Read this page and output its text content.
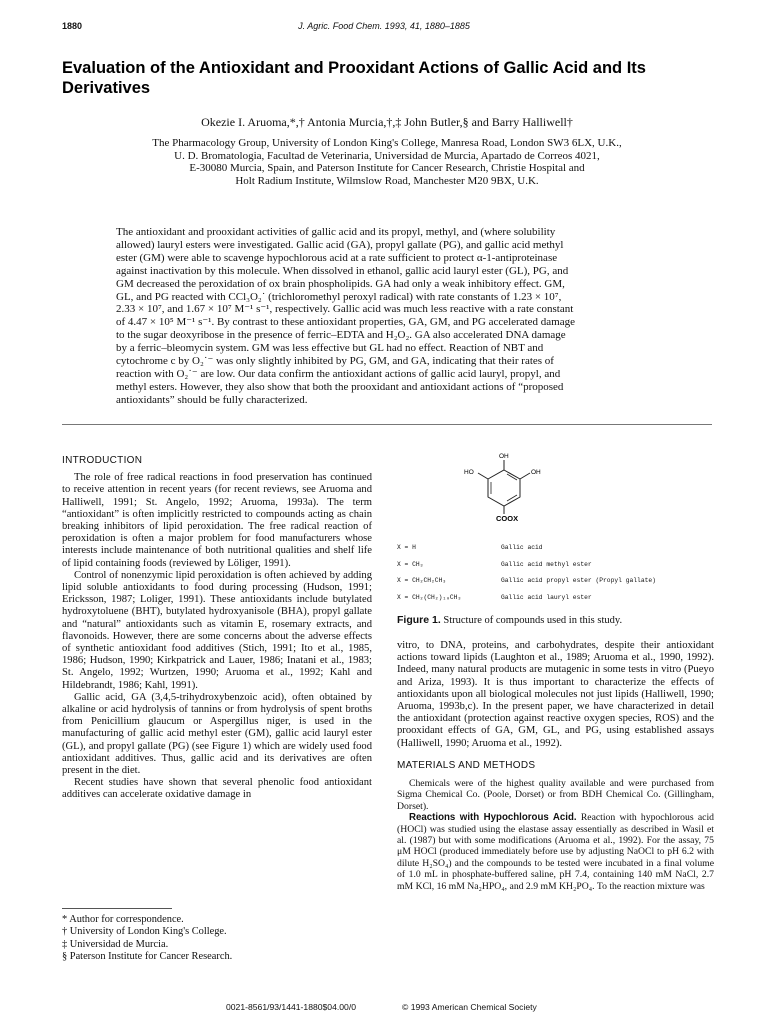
1880	J. Agric. Food Chem. 1993, 41, 1880–1885
Evaluation of the Antioxidant and Prooxidant Actions of Gallic Acid and Its Derivatives
Okezie I. Aruoma,*,† Antonia Murcia,†,‡ John Butler,§ and Barry Halliwell†
The Pharmacology Group, University of London King's College, Manresa Road, London SW3 6LX, U.K.,
U. D. Bromatologia, Facultad de Veterinaria, Universidad de Murcia, Apartado de Correos 4021,
E-30080 Murcia, Spain, and Paterson Institute for Cancer Research, Christie Hospital and
Holt Radium Institute, Wilmslow Road, Manchester M20 9BX, U.K.
The antioxidant and prooxidant activities of gallic acid and its propyl, methyl, and (where solubility
allowed) lauryl esters were investigated. Gallic acid (GA), propyl gallate (PG), and gallic acid methyl
ester (GM) were able to scavenge hypochlorous acid at a rate sufficient to protect α-1-antiproteinase
against inactivation by this molecule. When dissolved in ethanol, gallic acid lauryl ester (GL), PG, and
GM decreased the peroxidation of ox brain phospholipids. GA had only a weak inhibitory effect. GM,
GL, and PG reacted with CCl₃O₂˙ (trichloromethyl peroxyl radical) with rate constants of 1.23 × 10⁷,
2.33 × 10⁷, and 1.67 × 10⁷ M⁻¹ s⁻¹, respectively. Gallic acid was much less reactive with a rate constant
of 4.47 × 10⁵ M⁻¹ s⁻¹. By contrast to these antioxidant properties, GA, GM, and PG accelerated damage
to the sugar deoxyribose in the presence of ferric–EDTA and H₂O₂. GA also accelerated DNA damage
by a ferric–bleomycin system. GM was less effective but GL had no effect. Reaction of NBT and
cytochrome c by O₂˙⁻ was only slightly inhibited by PG, GM, and GA, indicating that their rates of
reaction with O₂˙⁻ are low. Our data confirm the antioxidant actions of gallic acid lauryl, propyl, and
methyl esters. However, they also show that both the prooxidant and antioxidant actions of “proposed
antioxidants” should be fully characterized.
INTRODUCTION

The role of free radical reactions in food preservation has continued to receive attention in recent years (for recent reviews, see Aruoma and Halliwell, 1991; St. Angelo, 1992; Aruoma, 1993a). The term “antioxidant” is often implicitly restricted to compounds acting as chain breaking inhibitors of lipid peroxidation. The free radical reaction of peroxidation is often a major problem for food manufacturers whose interests include maintenance of both nutritional qualities and shelf life of lipid containing foods (reviewed by Löliger, 1991).

Control of nonenzymic lipid peroxidation is often achieved by adding lipid soluble antioxidants to food during processing (Hudson, 1991; Ericksson, 1987; Loliger, 1991). These antioxidants include butylated hydroxytoluene (BHT), butylated hydroxyanisole (BHA), propyl gallate and “natural” antioxidants such as vitamin E, rosemary extracts, and flavonoids. However, there are some concerns about the adverse effects of synthetic antioxidant food additives (Stich, 1991; Ito et al., 1985, 1986; Hudson, 1990; Kirkpatrick and Lauer, 1986; Inatani et al., 1983; St. Angelo, 1992; Wurtzen, 1990; Aruoma et al., 1992; Kahl and Hildebrandt, 1986; Kahl, 1991).

Gallic acid, GA (3,4,5-trihydroxybenzoic acid), often obtained by alkaline or acid hydrolysis of tannins or from hydrolysis of spent broths from Penicillium glaucum or Aspergillus niger, is used in the manufacturing of gallic acid methyl ester (GM), gallic acid lauryl ester (GL), and propyl gallate (PG) (see Figure 1) which are widely used food antioxidant additives. Thus, gallic acid and its derivatives are often present in the diet.

Recent studies have shown that several phenolic food antioxidant additives can accelerate oxidative damage in

* Author for correspondence.
† University of London King's College.
‡ Universidad de Murcia.
§ Paterson Institute for Cancer Research.
0021-8561/93/1441-1880$04.00/0	© 1993 American Chemical Society
OH
HO	OH
COOX
X = H	Gallic acid
X = CH₃	Gallic acid methyl ester
X = CH₂CH₂CH₃	Gallic acid propyl ester (Propyl gallate)
X = CH₂(CH₂)₁₀CH₃	Gallic acid lauryl ester
Figure 1. Structure of compounds used in this study.

vitro, to DNA, proteins, and carbohydrates, despite their antioxidant actions toward lipids (Laughton et al., 1989; Aruoma et al., 1990, 1992). Indeed, many natural products are mutagenic in some tests in vitro (Pueyo and Ariza, 1993). It is thus important to characterize the effects of antioxidants upon all biological molecules not just lipids (Halliwell, 1990; Aruoma, 1993b,c). In the present paper, we have characterized in detail the antioxidant (protection against reactive oxygen species, ROS) and the prooxidant effects of GA, GM, GL, and PG, using established assays (Halliwell, 1990; Aruoma et al., 1992).

MATERIALS AND METHODS

Chemicals were of the highest quality available and were purchased from Sigma Chemical Co. (Poole, Dorset) or from BDH Chemical Co. (Gillingham, Dorset).

Reactions with Hypochlorous Acid. Reaction with hypochlorous acid (HOCl) was studied using the elastase assay essentially as described in Wasil et al. (1987) but with some modifications (Aruoma et al., 1992). For the assay, 75 μM HOCl (produced immediately before use by adjusting NaOCl to pH 6.2 with dilute H₂SO₄) and the compounds to be tested were incubated in a final volume of 1.0 mL in phosphate-buffered saline, pH 7.4, containing 140 mM NaCl, 2.7 mM KCl, 16 mM Na₂HPO₄, and 2.9 mM KH₂PO₄. To the reaction mixture was
